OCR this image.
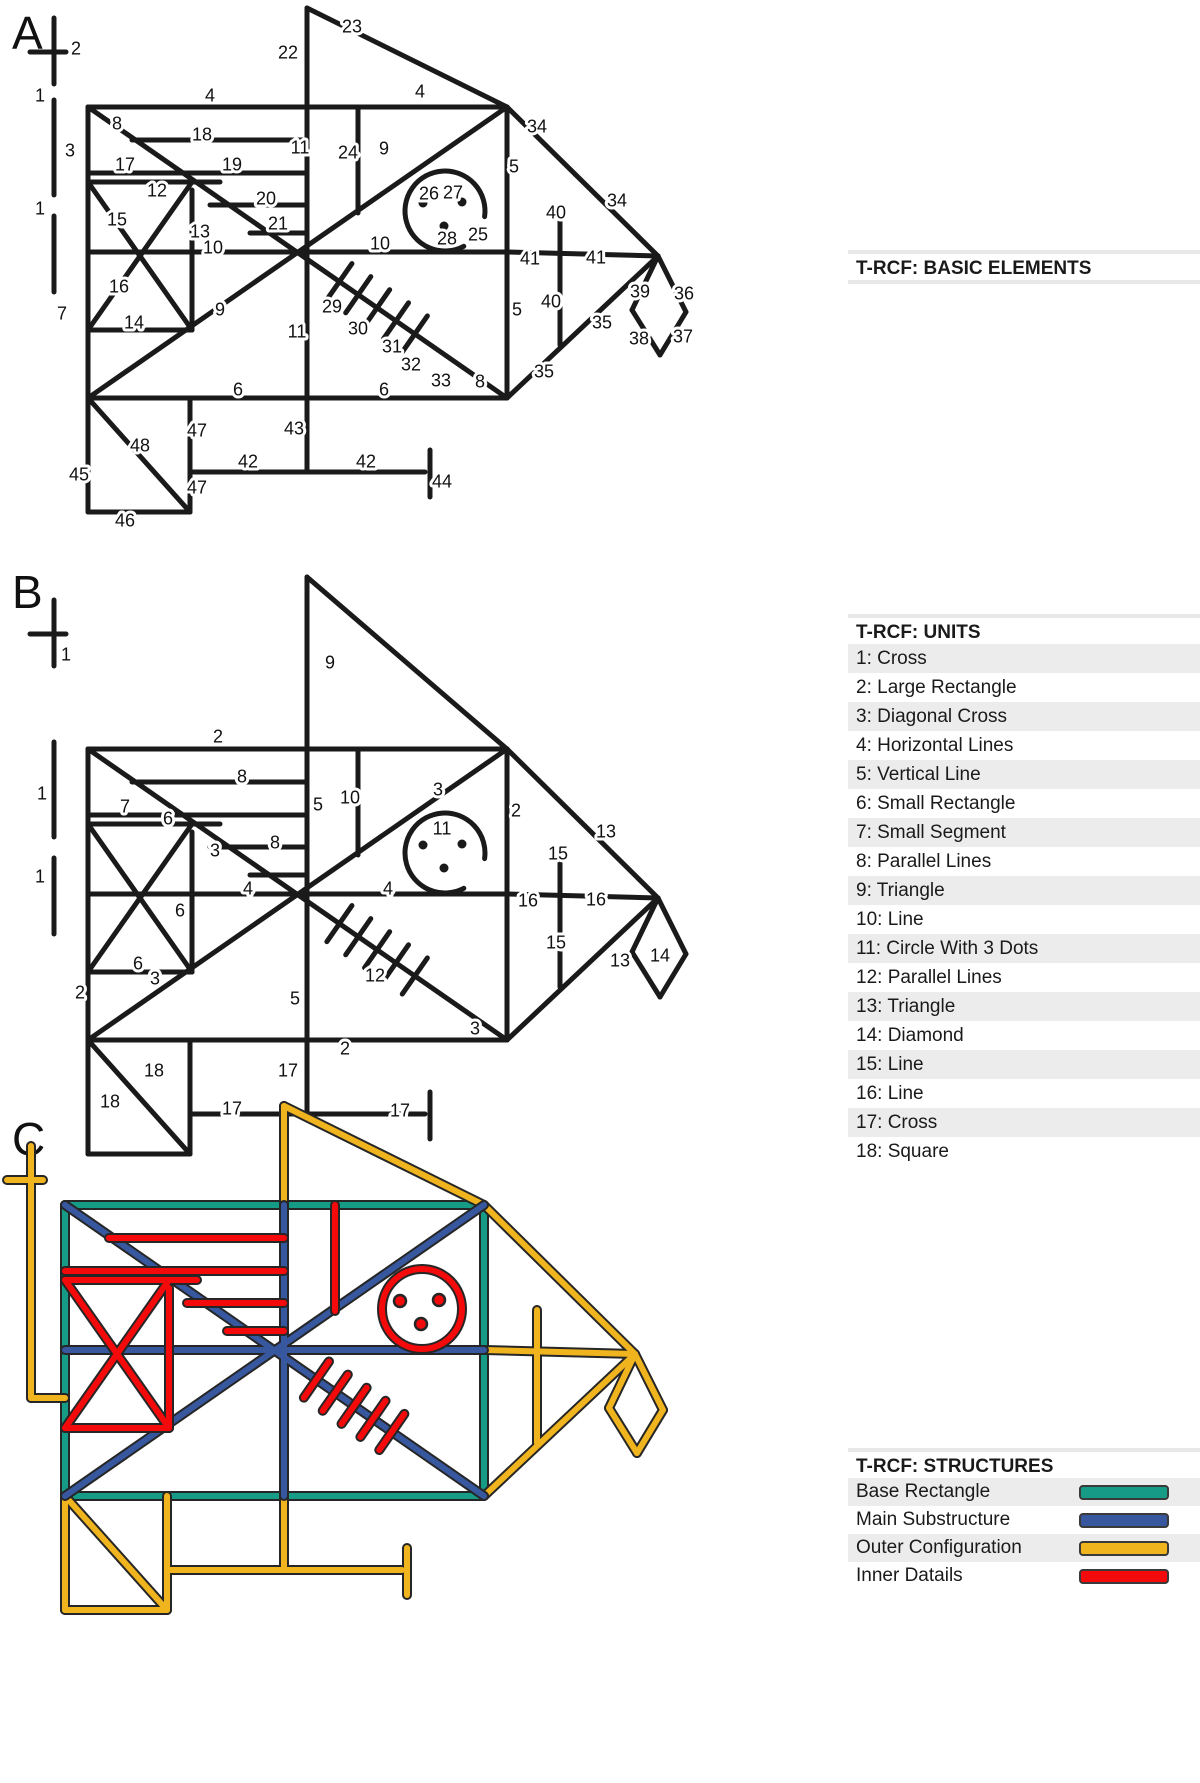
A
B
C
2
1
3
1
4	4
22
23
8
18
11 24 9
17	19
12	20
21
15
13
16
14
10	10
26 27
28 25
5
5
41	41
40
40
34
34
35
35
39 36
38 37
7	9	29
30
31
32
33 8
11
6	6
43
47
47
48
42	42
44
45
46
1
1
1
9
2
5 10
8
7
8
6
3
3
3
3
11
2
4	4
16	16
15
15
13
13 14
6
6
12
2	5
2
17
17	17
18
18
T-RCF: BASIC ELEMENTS
T-RCF: UNITS
1: Cross
2: Large Rectangle
3: Diagonal Cross
4: Horizontal Lines
5: Vertical Line
6: Small Rectangle
7: Small Segment
8: Parallel Lines
9: Triangle
10: Line
11: Circle With 3 Dots
12: Parallel Lines
13: Triangle
14: Diamond
15: Line
16: Line
17: Cross
18: Square
T-RCF: STRUCTURES
Base Rectangle
Main Substructure
Outer Configuration
Inner Datails
